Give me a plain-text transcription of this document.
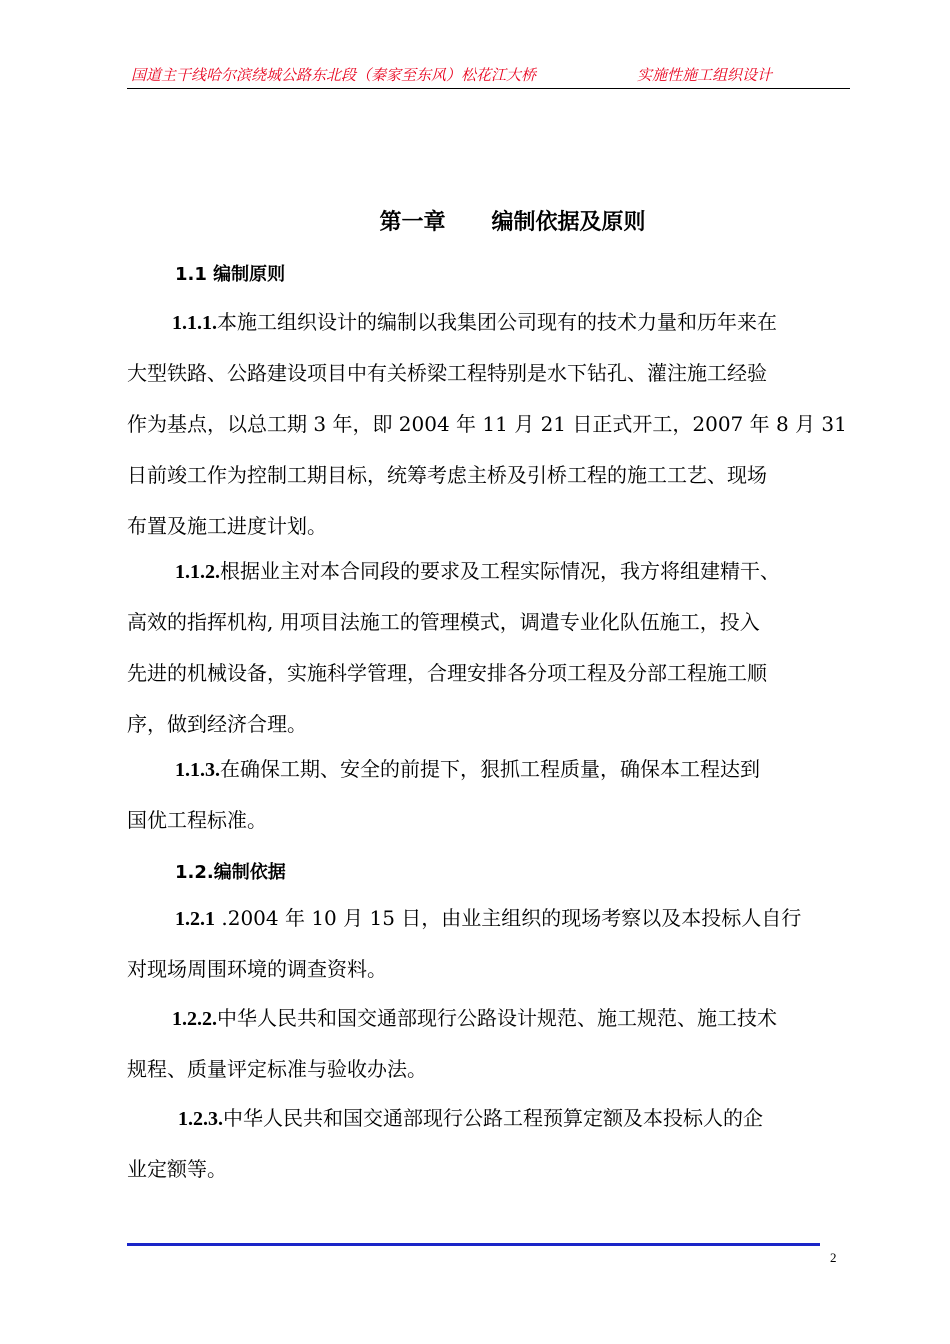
国道主干线哈尔滨绕城公路东北段（秦家至东风）松花江大桥	实施性施工组织设计
第一章      编制依据及原则
1.1 编制原则
1.1.1.本施工组织设计的编制以我集团公司现有的技术力量和历年来在
大型铁路、公路建设项目中有关桥梁工程特别是水下钻孔、灌注施工经验
作为基点，以总工期 3 年，即 2004 年 11 月 21 日正式开工，2007 年 8 月 31
日前竣工作为控制工期目标，统筹考虑主桥及引桥工程的施工工艺、现场
布置及施工进度计划。
1.1.2.根据业主对本合同段的要求及工程实际情况，我方将组建精干、
高效的指挥机构, 用项目法施工的管理模式，调遣专业化队伍施工，投入
先进的机械设备，实施科学管理，合理安排各分项工程及分部工程施工顺
序，做到经济合理。
1.1.3.在确保工期、安全的前提下，狠抓工程质量，确保本工程达到
国优工程标准。
1.2.编制依据
1.2.1 .2004 年 10 月 15 日，由业主组织的现场考察以及本投标人自行
对现场周围环境的调查资料。
1.2.2.中华人民共和国交通部现行公路设计规范、施工规范、施工技术
规程、质量评定标准与验收办法。
1.2.3.中华人民共和国交通部现行公路工程预算定额及本投标人的企
业定额等。
2
